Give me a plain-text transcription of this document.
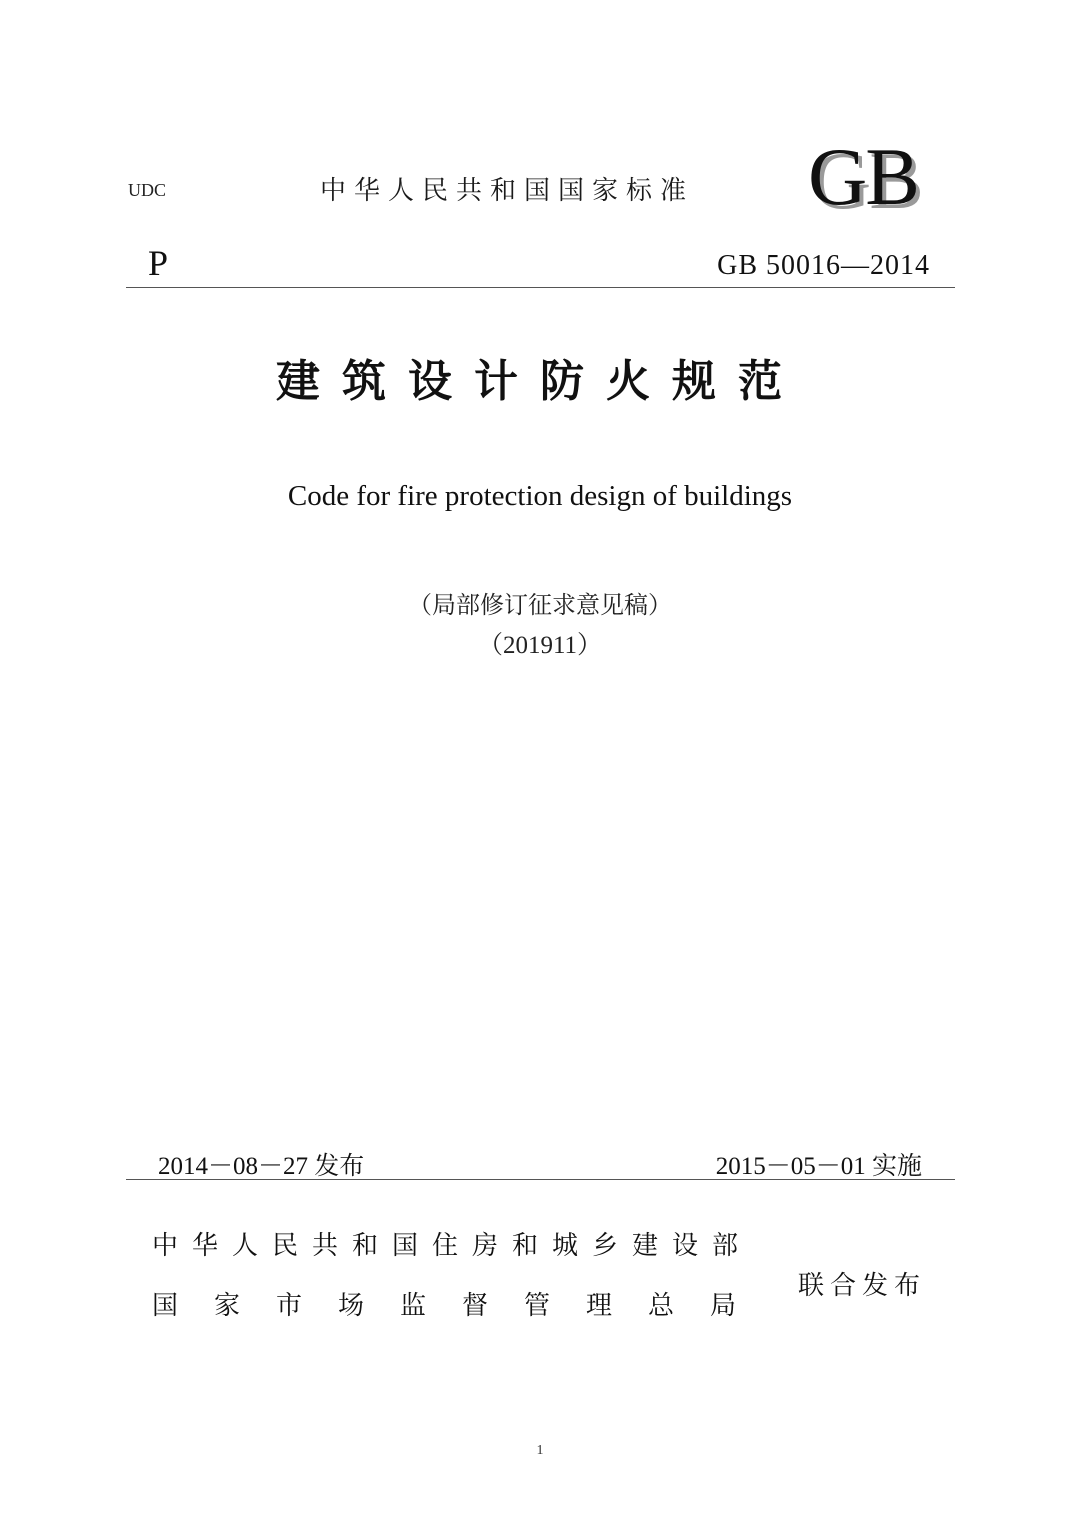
UDC	中华人民共和国国家标准 GB
P	GB 50016—2014
建筑设计防火规范
Code for fire protection design of buildings
（局部修订征求意见稿）
（201911）
2014－08－27 发布	2015－05－01 实施
中华人民共和国住房和城乡建设部
国家市场监督管理总局
联合发布
1
